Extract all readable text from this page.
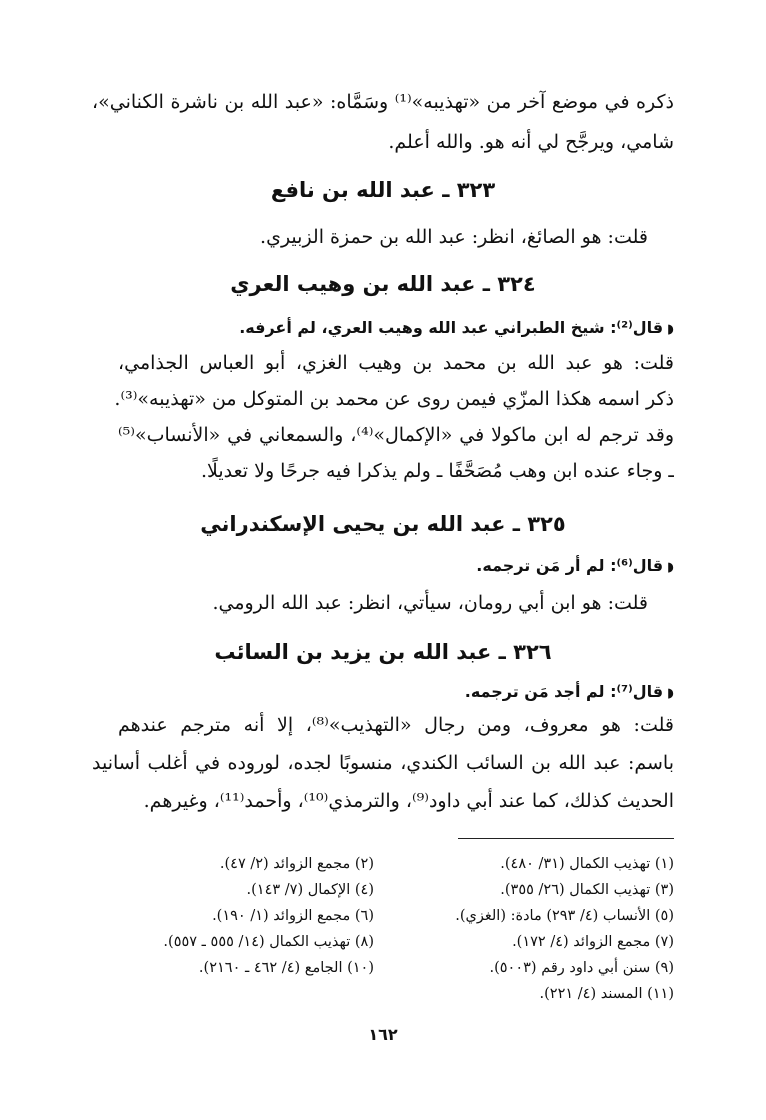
ذكره في موضع آخر من «تهذيبه»⁽¹⁾ وسَمَّاه: «عبد الله بن ناشرة الكناني»،
شامي، ويرجَّح لي أنه هو. والله أعلم.
٣٢٣ ـ عبد الله بن نافع
قلت: هو الصائغ، انظر: عبد الله بن حمزة الزبيري.
٣٢٤ ـ عبد الله بن وهيب العري
◗قال⁽²⁾: شيخ الطبراني عبد الله وهيب العري، لم أعرفه.
قلت: هو عبد الله بن محمد بن وهيب الغزي، أبو العباس الجذامي،
ذكر اسمه هكذا المزّي فيمن روى عن محمد بن المتوكل من «تهذيبه»⁽³⁾.
وقد ترجم له ابن ماكولا في «الإكمال»⁽⁴⁾، والسمعاني في «الأنساب»⁽⁵⁾
ـ وجاء عنده ابن وهب مُصَحَّفًا ـ ولم يذكرا فيه جرحًا ولا تعديلًا.
٣٢٥ ـ عبد الله بن يحيى الإسكندراني
◗قال⁽⁶⁾: لم أر مَن ترجمه.
قلت: هو ابن أبي رومان، سيأتي، انظر: عبد الله الرومي.
٣٢٦ ـ عبد الله بن يزيد بن السائب
◗قال⁽⁷⁾: لم أجد مَن ترجمه.
قلت: هو معروف، ومن رجال «التهذيب»⁽⁸⁾، إلا أنه مترجم عندهم
باسم: عبد الله بن السائب الكندي، منسوبًا لجده، لوروده في أغلب أسانيد
الحديث كذلك، كما عند أبي داود⁽⁹⁾، والترمذي⁽¹⁰⁾، وأحمد⁽¹¹⁾، وغيرهم.
(١) تهذيب الكمال (٣١/ ٤٨٠).
(٢) مجمع الزوائد (٢/ ٤٧).
(٣) تهذيب الكمال (٢٦/ ٣٥٥).
(٤) الإكمال (٧/ ١٤٣).
(٥) الأنساب (٤/ ٢٩٣) مادة: (الغزي).
(٦) مجمع الزوائد (١/ ١٩٠).
(٧) مجمع الزوائد (٤/ ١٧٢).
(٨) تهذيب الكمال (١٤/ ٥٥٥ ـ ٥٥٧).
(٩) سنن أبي داود رقم (٥٠٠٣).
(١٠) الجامع (٤/ ٤٦٢ ـ ٢١٦٠).
(١١) المسند (٤/ ٢٢١).
١٦٢
